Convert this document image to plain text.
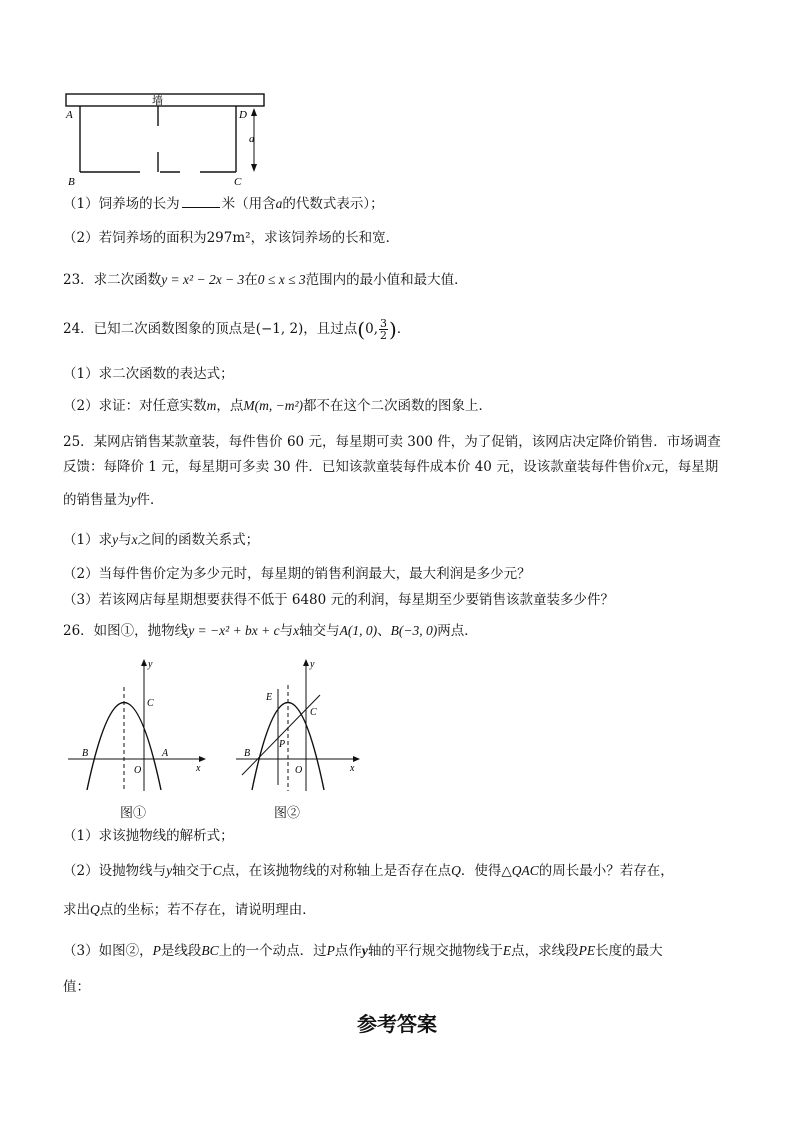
墙
A	D
a
B	C
（1）饲养场的长为	米（用含a的代数式表示）；
（2）若饲养场的面积为297m²，求该饲养场的长和宽．
23．求二次函数y = x² − 2x − 3在0 ≤ x ≤ 3范围内的最小值和最大值．
24．已知二次函数图象的顶点是(−1, 2)，且过点(0, $\frac{3}{2}$ )．
（1）求二次函数的表达式；
（2）求证：对任意实数m，点M(m, −m²)都不在这个二次函数的图象上．
25．某网店销售某款童装，每件售价 60 元，每星期可卖 300 件，为了促销，该网店决定降价销售．市场调查
反馈：每降价 1 元，每星期可多卖 30 件．已知该款童装每件成本价 40 元，设该款童装每件售价x元，每星期
的销售量为y件．
（1）求y与x之间的函数关系式；
（2）当每件售价定为多少元时，每星期的销售利润最大，最大利润是多少元？
（3）若该网店每星期想要获得不低于 6480 元的利润，每星期至少要销售该款童装多少件？
26．如图①，抛物线y = −x² + bx + c与x轴交与A(1, 0)、B(−3, 0)两点．
y
x
C
B	A
O
图①
y
x
E
C
P
B
O
图②
（1）求该抛物线的解析式；
（2）设抛物线与y轴交于C点，在该抛物线的对称轴上是否存在点Q．使得△QAC的周长最小？若存在，
求出Q点的坐标；若不存在，请说明理由．
（3）如图②，P是线段BC上的一个动点．过P点作y轴的平行规交抛物线于E点，求线段PE长度的最大
值：
参考答案
